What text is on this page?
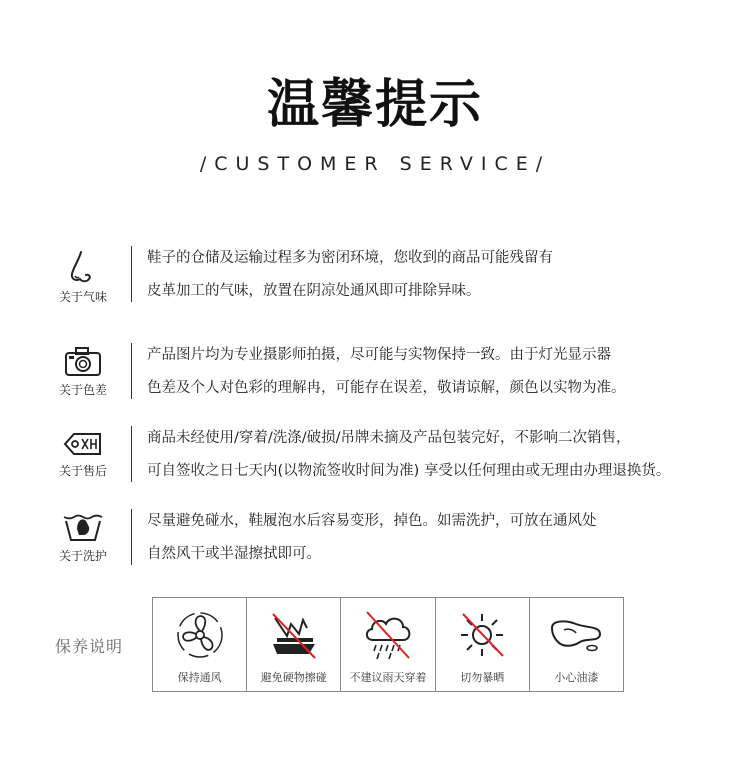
温馨提示
/CUSTOMER SERVICE/
关于气味
鞋子的仓储及运输过程多为密闭环境，您收到的商品可能残留有
皮革加工的气味，放置在阴凉处通风即可排除异味。
关于色差
产品图片均为专业摄影师拍摄，尽可能与实物保持一致。由于灯光显示器
色差及个人对色彩的理解冉，可能存在误差，敬请谅解，颜色以实物为准。
关于售后
商品未经使用/穿着/洗涤/破损/吊牌未摘及产品包装完好，不影响二次销售，
可自签收之日七天内(以物流签收时间为准) 享受以任何理由或无理由办理退换货。
关于洗护
尽量避免碰水，鞋履泡水后容易变形，掉色。如需洗护，可放在通风处
自然风干或半湿擦拭即可。
保养说明
保持通风	避免硬物擦碰	不建议雨天穿着	切勿暴晒	小心油漆
